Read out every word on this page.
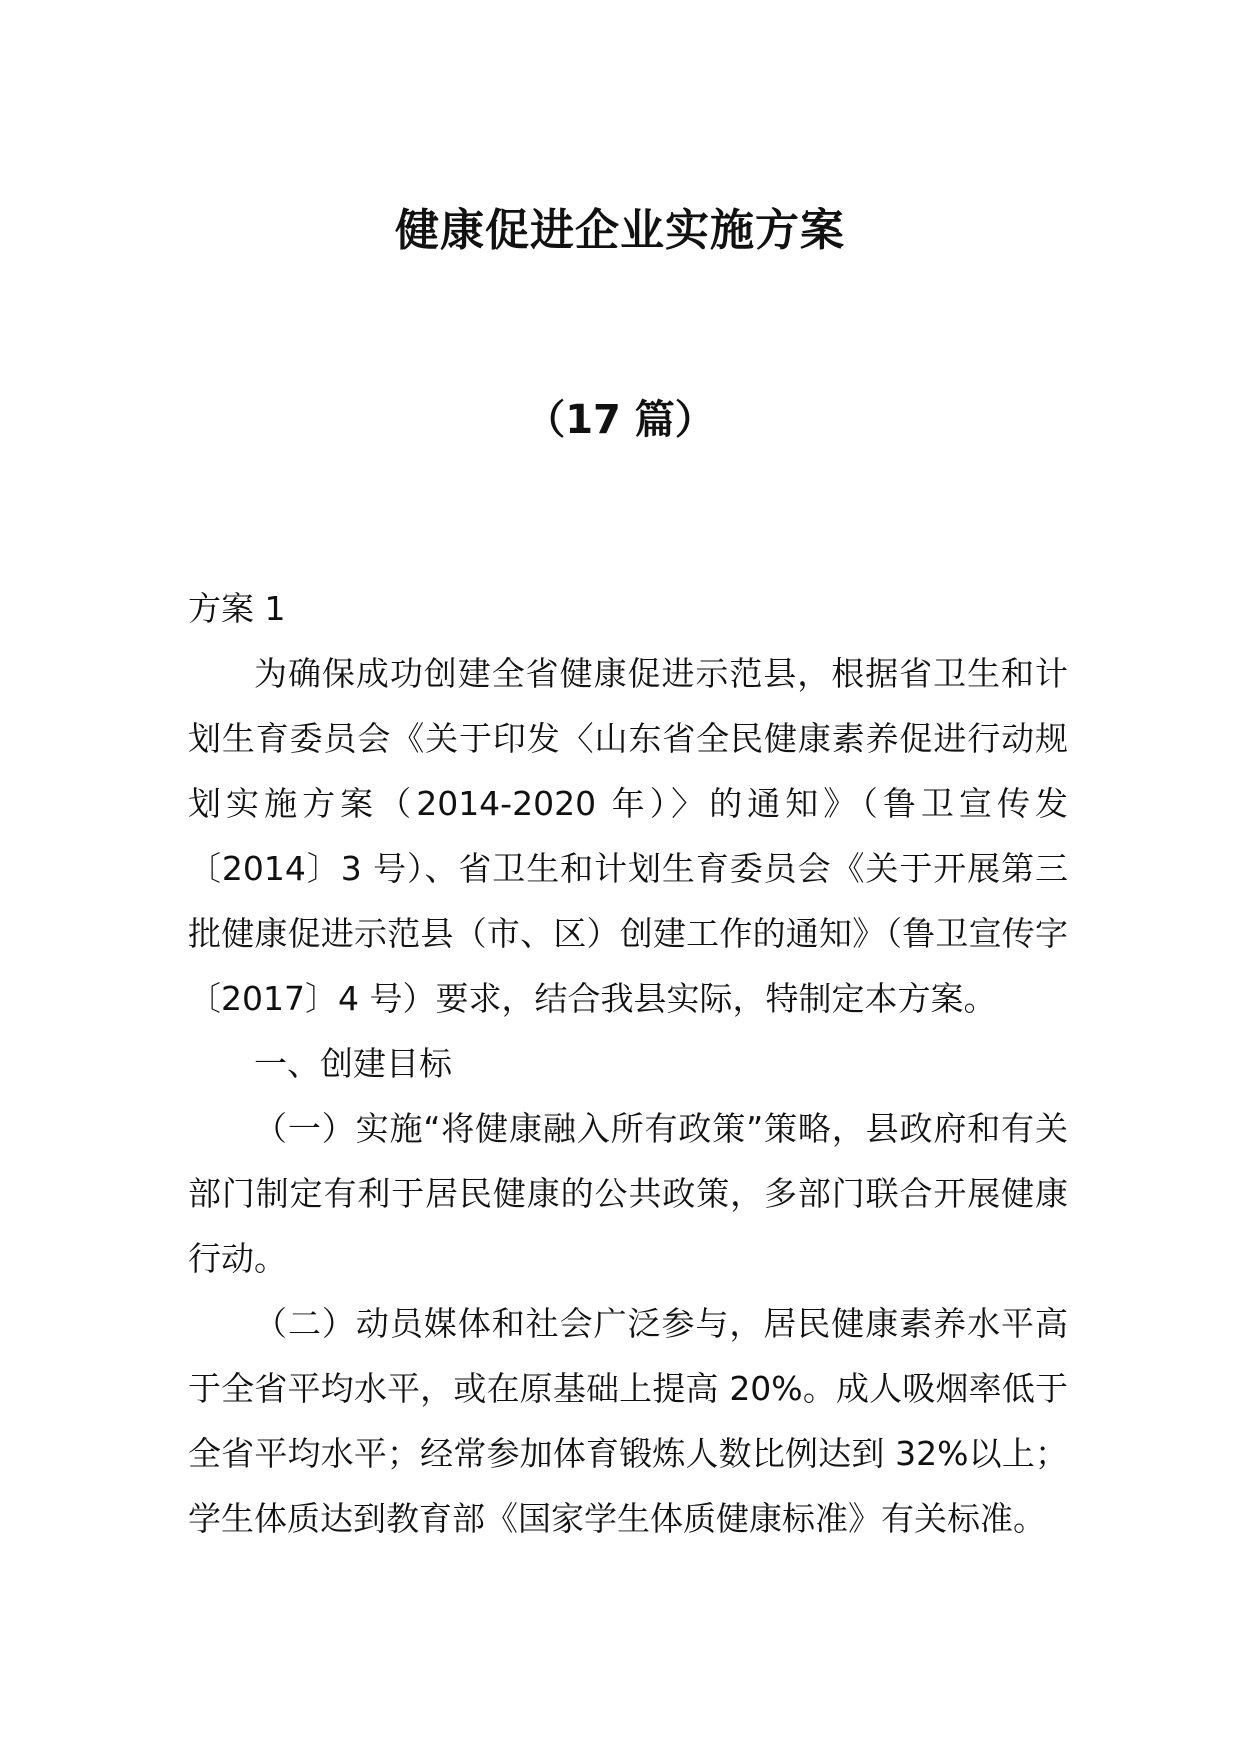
健康促进企业实施方案
（17 篇）

方案 1

为确保成功创建全省健康促进示范县，根据省卫生和计划生育委员会《关于印发〈山东省全民健康素养促进行动规划实施方案（2014-2020 年）〉的通知》（鲁卫宣传发〔2014〕3 号）、省卫生和计划生育委员会《关于开展第三批健康促进示范县（市、区）创建工作的通知》（鲁卫宣传字〔2017〕4 号）要求，结合我县实际，特制定本方案。

一、创建目标

（一）实施“将健康融入所有政策”策略，县政府和有关部门制定有利于居民健康的公共政策，多部门联合开展健康行动。

（二）动员媒体和社会广泛参与，居民健康素养水平高于全省平均水平，或在原基础上提高 20%。成人吸烟率低于全省平均水平；经常参加体育锻炼人数比例达到 32%以上；学生体质达到教育部《国家学生体质健康标准》有关标准。
